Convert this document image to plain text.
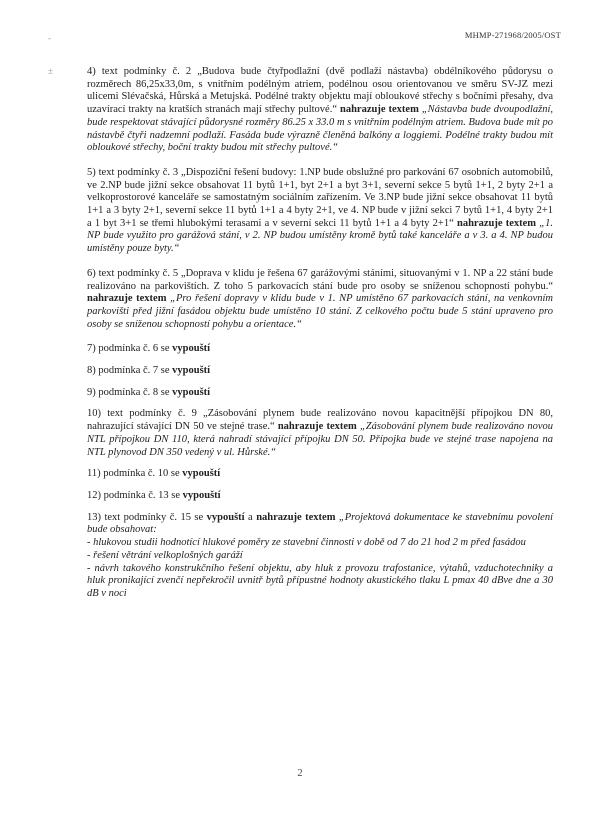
MHMP-271968/2005/OST
-
±	4) text podmínky č. 2 „Budova bude čtyřpodlažní (dvě podlaží nástavba) obdélníkového půdorysu o rozměrech 86,25x33,0m, s vnitřním podélným atriem, podélnou osou orientovanou ve směru SV-JZ mezi ulicemi Slévačská, Hůrská a Metujská. Podélné trakty objektu mají obloukové střechy s bočními přesahy, dva uzavírací trakty na kratších stranách mají střechy pultové.“ nahrazuje textem „Nástavba bude dvoupodlažní, bude respektovat stávající půdorysné rozměry 86.25 x 33.0 m s vnitřním podélným atriem. Budova bude mít po nástavbě čtyři nadzemní podlaží. Fasáda bude výrazně členěná balkóny a loggiemi. Podélné trakty budou mít obloukové střechy, boční trakty budou mít střechy pultové.“

5) text podmínky č. 3 „Dispoziční řešení budovy: 1.NP bude obslužné pro parkování 67 osobních automobilů, ve 2.NP bude jižní sekce obsahovat 11 bytů 1+1, byt 2+1 a byt 3+1, severní sekce 5 bytů 1+1, 2 byty 2+1 a velkoprostorové kanceláře se samostatným sociálním zařízením. Ve 3.NP bude jižní sekce obsahovat 11 bytů 1+1 a 3 byty 2+1, severní sekce 11 bytů 1+1 a 4 byty 2+1, ve 4. NP bude v jižní sekci 7 bytů 1+1, 4 byty 2+1 a 1 byt 3+1 se třemi hlubokými terasami a v severní sekci 11 bytů 1+1 a 4 byty 2+1“ nahrazuje textem „1. NP bude využito pro garážová stání, v 2. NP budou umístěny kromě bytů také kanceláře a v 3. a 4. NP budou umístěny pouze byty.“

6) text podmínky č. 5 „Doprava v klidu je řešena 67 garážovými stáními, situovanými v 1. NP a 22 stání bude realizováno na parkovištích. Z toho 5 parkovacích stání bude pro osoby se sníženou schopností pohybu.“ nahrazuje textem „Pro řešení dopravy v klidu bude v 1. NP umístěno 67 parkovacích stání, na venkovním parkovišti před jižní fasádou objektu bude umístěno 10 stání. Z celkového počtu bude 5 stání upraveno pro osoby se sníženou schopností pohybu a orientace.“

7) podmínka č. 6 se vypouští

8) podmínka č. 7 se vypouští

9) podmínka č. 8 se vypouští

10) text podmínky č. 9 „Zásobování plynem bude realizováno novou kapacitnější přípojkou DN 80, nahrazující stávající DN 50 ve stejné trase.“ nahrazuje textem „Zásobování plynem bude realizováno novou NTL přípojkou DN 110, která nahradí stávající přípojku DN 50. Přípojka bude ve stejné trase napojena na NTL plynovod DN 350 vedený v ul. Hůrské.“

11) podmínka č. 10 se vypouští

12) podmínka č. 13 se vypouští

13) text podmínky č. 15 se vypouští a nahrazuje textem „Projektová dokumentace ke stavebnímu povolení bude obsahovat:

- hlukovou studii hodnotící hlukové poměry ze stavební činnosti v době od 7 do 21 hod 2 m před fasádou

- řešení větrání velkoplošných garáží

- návrh takového konstrukčního řešení objektu, aby hluk z provozu trafostanice, výtahů, vzduchotechniky a hluk pronikající zvenčí nepřekročil uvnitř bytů přípustné hodnoty akustického tlaku L pmax 40 dBve dne a 30 dB v noci

2
